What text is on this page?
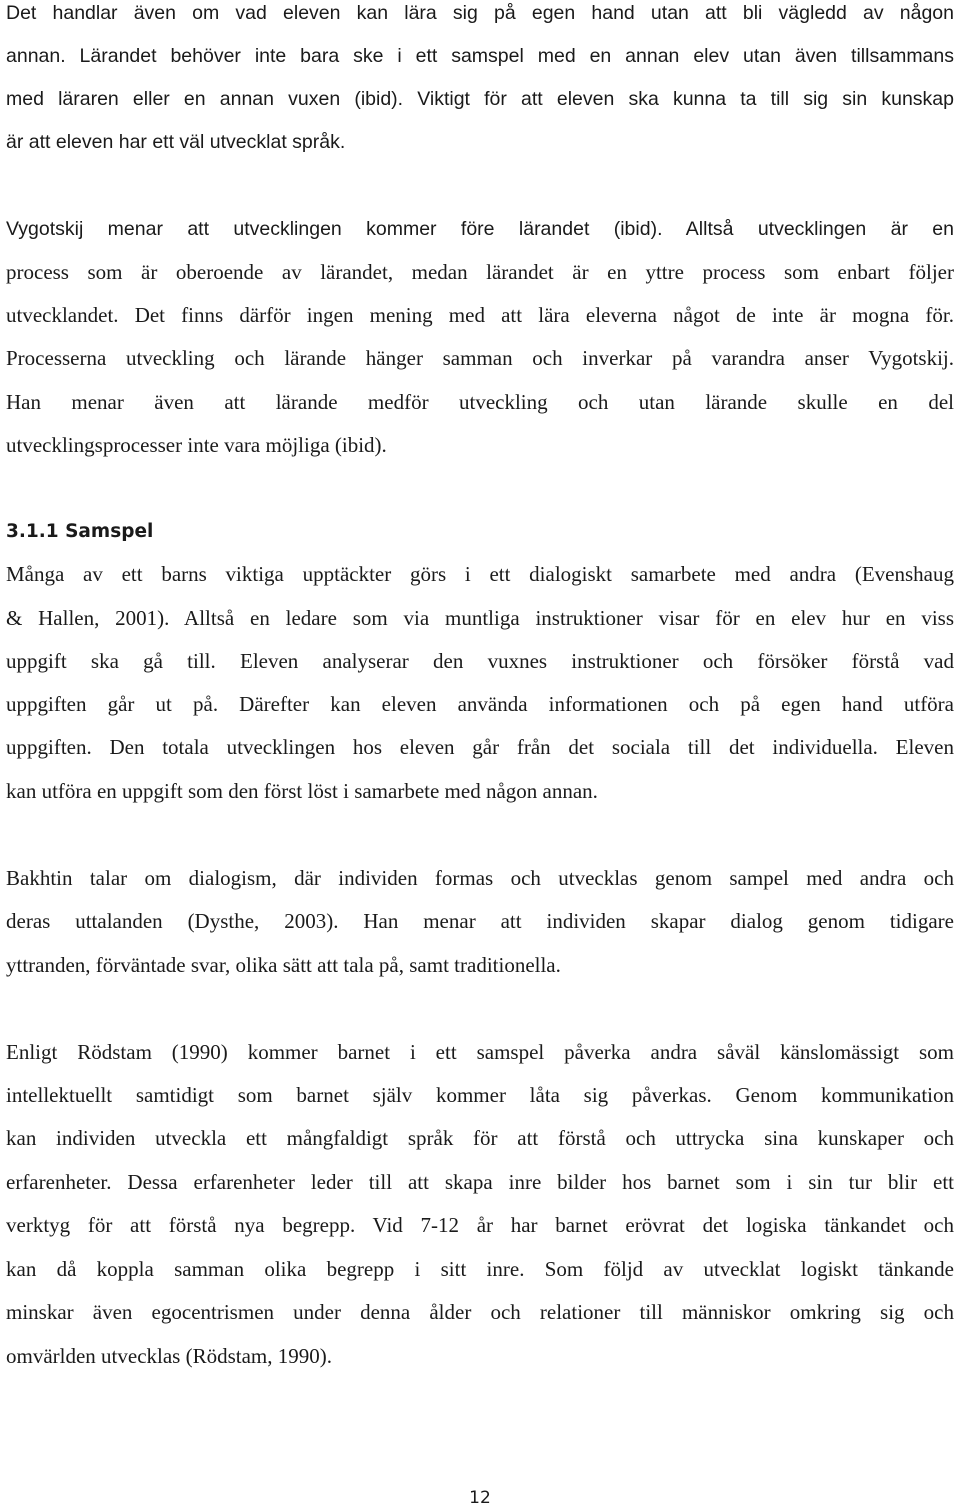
Det handlar även om vad eleven kan lära sig på egen hand utan att bli vägledd av någon
annan. Lärandet behöver inte bara ske i ett samspel med en annan elev utan även tillsammans
med läraren eller en annan vuxen (ibid). Viktigt för att eleven ska kunna ta till sig sin kunskap
är att eleven har ett väl utvecklat språk.
Vygotskij menar att utvecklingen kommer före lärandet (ibid). Alltså utvecklingen är en
process som är oberoende av lärandet, medan lärandet är en yttre process som enbart följer
utvecklandet. Det finns därför ingen mening med att lära eleverna något de inte är mogna för.
Processerna utveckling och lärande hänger samman och inverkar på varandra anser Vygotskij.
Han menar även att lärande medför utveckling och utan lärande skulle en del
utvecklingsprocesser inte vara möjliga (ibid).
3.1.1 Samspel
Många av ett barns viktiga upptäckter görs i ett dialogiskt samarbete med andra (Evenshaug
& Hallen, 2001). Alltså en ledare som via muntliga instruktioner visar för en elev hur en viss
uppgift ska gå till. Eleven analyserar den vuxnes instruktioner och försöker förstå vad
uppgiften går ut på. Därefter kan eleven använda informationen och på egen hand utföra
uppgiften. Den totala utvecklingen hos eleven går från det sociala till det individuella. Eleven
kan utföra en uppgift som den först löst i samarbete med någon annan.
Bakhtin talar om dialogism, där individen formas och utvecklas genom sampel med andra och
deras uttalanden (Dysthe, 2003). Han menar att individen skapar dialog genom tidigare
yttranden, förväntade svar, olika sätt att tala på, samt traditionella.
Enligt Rödstam (1990) kommer barnet i ett samspel påverka andra såväl känslomässigt som
intellektuellt samtidigt som barnet själv kommer låta sig påverkas. Genom kommunikation
kan individen utveckla ett mångfaldigt språk för att förstå och uttrycka sina kunskaper och
erfarenheter. Dessa erfarenheter leder till att skapa inre bilder hos barnet som i sin tur blir ett
verktyg för att förstå nya begrepp. Vid 7-12 år har barnet erövrat det logiska tänkandet och
kan då koppla samman olika begrepp i sitt inre. Som följd av utvecklat logiskt tänkande
minskar även egocentrismen under denna ålder och relationer till människor omkring sig och
omvärlden utvecklas (Rödstam, 1990).
12
